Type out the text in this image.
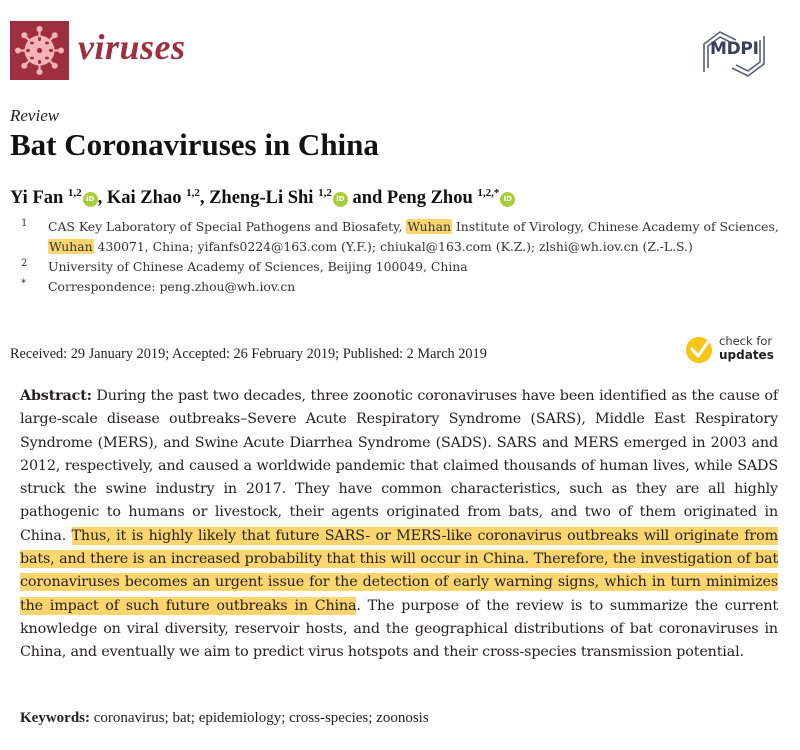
viruses	MDPI
Review
Bat Coronaviruses in China
Yi Fan $^{1,2}$ iD , Kai Zhao $^{1,2}$, Zheng-Li Shi $^{1,2}$ iD and Peng Zhou $^{1,2,*}$ iD
1 CAS Key Laboratory of Special Pathogens and Biosafety, Wuhan Institute of Virology, Chinese Academy of Sciences, Wuhan 430071, China; yifanfs0224@163.com (Y.F.); chiukal@163.com (K.Z.); zlshi@wh.iov.cn (Z.-L.S.)
2 University of Chinese Academy of Sciences, Beijing 100049, China
* Correspondence: peng.zhou@wh.iov.cn
Received: 29 January 2019; Accepted: 26 February 2019; Published: 2 March 2019
check for
updates

Abstract: During the past two decades, three zoonotic coronaviruses have been identified as the cause of large-scale disease outbreaks–Severe Acute Respiratory Syndrome (SARS), Middle East Respiratory Syndrome (MERS), and Swine Acute Diarrhea Syndrome (SADS). SARS and MERS emerged in 2003 and 2012, respectively, and caused a worldwide pandemic that claimed thousands of human lives, while SADS struck the swine industry in 2017. They have common characteristics, such as they are all highly pathogenic to humans or livestock, their agents originated from bats, and two of them originated in China. Thus, it is highly likely that future SARS- or MERS-like coronavirus outbreaks will originate from bats, and there is an increased probability that this will occur in China. Therefore, the investigation of bat coronaviruses becomes an urgent issue for the detection of early warning signs, which in turn minimizes the impact of such future outbreaks in China. The purpose of the review is to summarize the current knowledge on viral diversity, reservoir hosts, and the geographical distributions of bat coronaviruses in China, and eventually we aim to predict virus hotspots and their cross-species transmission potential.

Keywords: coronavirus; bat; epidemiology; cross-species; zoonosis
